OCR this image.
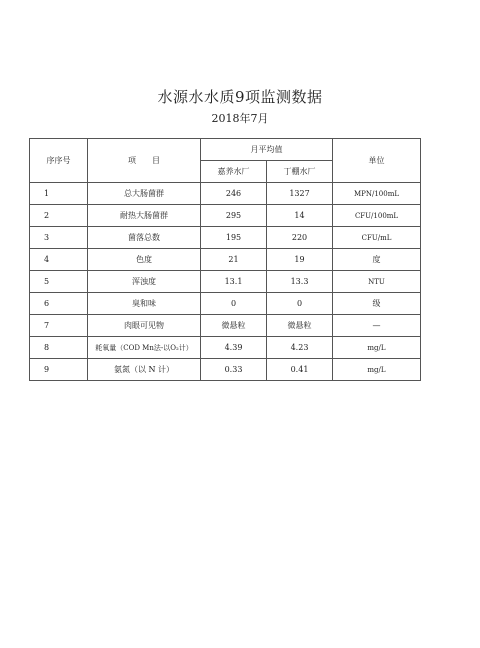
水源水水质9项监测数据
2018年7月
序序号	项　　目	月平均值		单位
		嘉养水厂	丁棚水厂	
1	总大肠菌群	246	1327	MPN/100mL
2	耐热大肠菌群	295	14	CFU/100mL
3	菌落总数	195	220	CFU/mL
4	色度	21	19	度
5	浑浊度	13.1	13.3	NTU
6	臭和味	0	0	级
7	肉眼可见物	微悬粒	微悬粒	—
8	耗氧量（COD Mn法-以O₂计）	4.39	4.23	mg/L
9	氨氮（以 N 计）	0.33	0.41	mg/L
